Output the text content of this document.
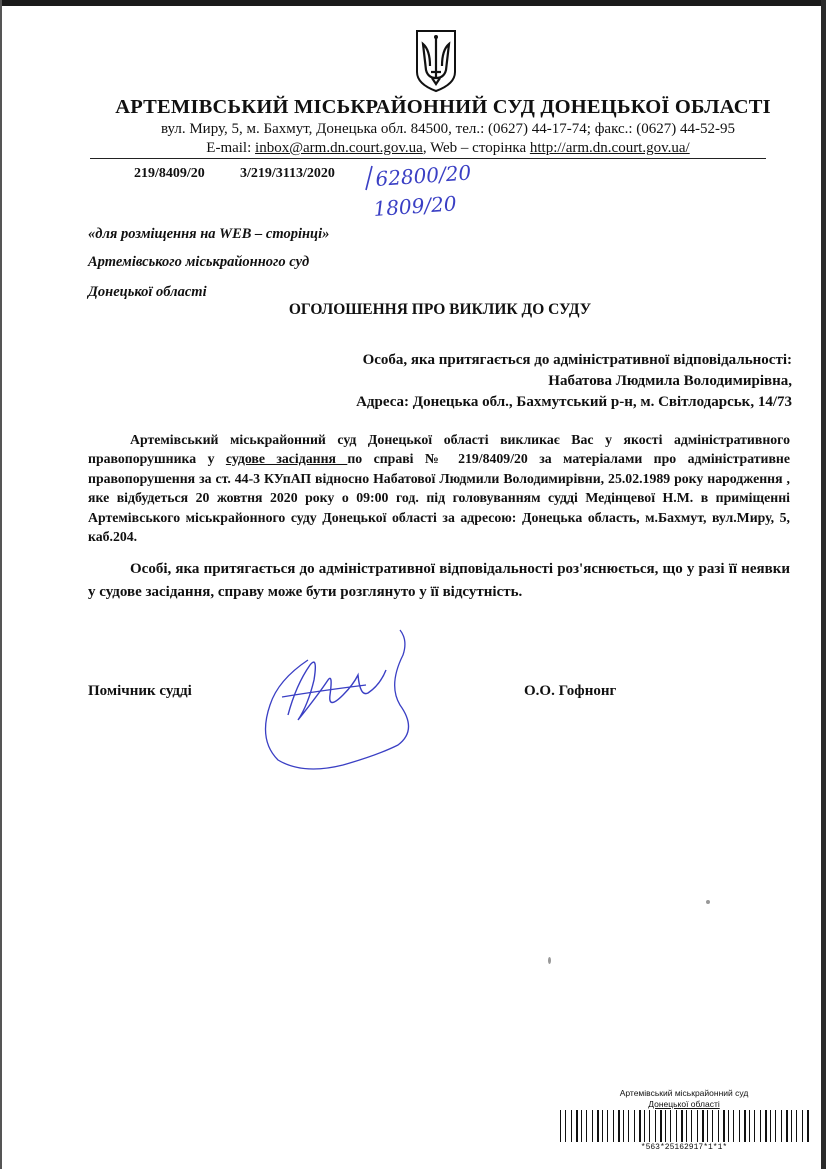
АРТЕМІВСЬКИЙ МІСЬКРАЙОННИЙ СУД ДОНЕЦЬКОЇ ОБЛАСТІ
вул. Миру, 5, м. Бахмут, Донецька обл. 84500, тел.: (0627) 44-17-74; факс.: (0627) 44-52-95
E-mail: inbox@arm.dn.court.gov.ua, Web – сторінка http://arm.dn.court.gov.ua/
219/8409/20	3/219/3113/2020 62800/20
1809/20
«для розміщення на WEB – сторінці»
Артемівського міськрайонного суд
Донецької області
ОГОЛОШЕННЯ ПРО ВИКЛИК ДО СУДУ
Особа, яка притягається до адміністративної відповідальності:
Набатова Людмила Володимирівна,
Адреса: Донецька обл., Бахмутський р-н, м. Світлодарськ, 14/73
Артемівський міськрайонний суд Донецької області викликає Вас у якості адміністративного правопорушника у судове засідання по справі № 219/8409/20 за матеріалами про адміністративне правопорушення за ст. 44-3 КУпАП відносно Набатової Людмили Володимирівни, 25.02.1989 року народження , яке відбудеться 20 жовтня 2020 року о 09:00 год. під головуванням судді Медінцевої Н.М. в приміщенні Артемівського міськрайонного суду Донецької області за адресою: Донецька область, м.Бахмут, вул.Миру, 5, каб.204.
Особі, яка притягається до адміністративної відповідальності роз'яснюється, що у разі її неявки у судове засідання, справу може бути розглянуто у її відсутність.
Помічник судді	О.О. Гофнонг
Артемівський міськрайонний суд
Донецької області
*563*25162917*1*1*
